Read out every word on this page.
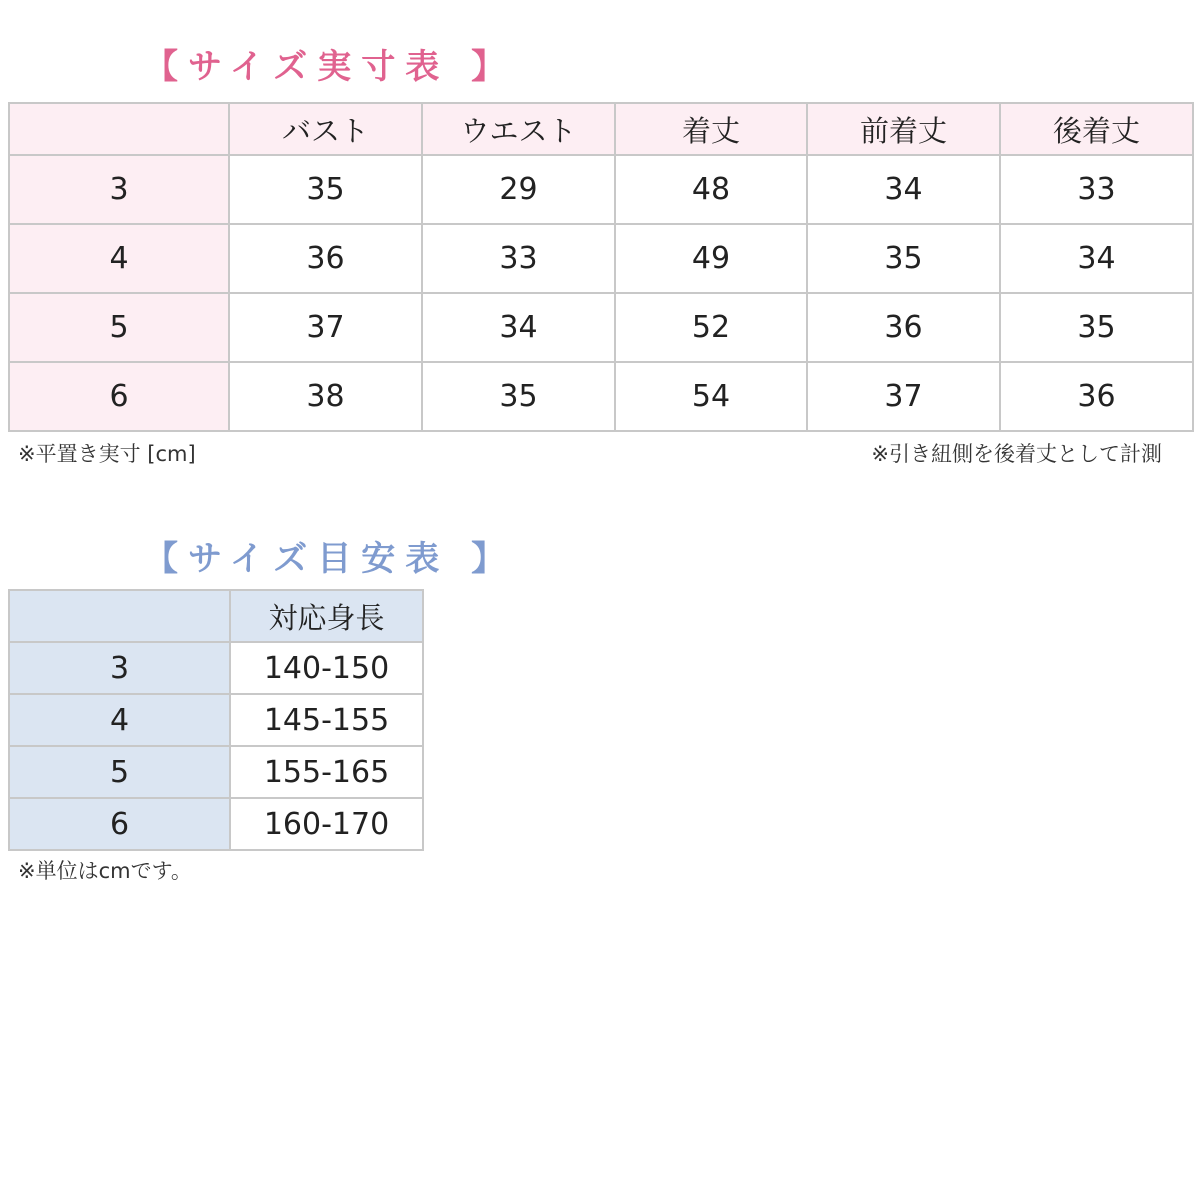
【サイズ実寸表 】
	バスト	ウエスト	着丈	前着丈	後着丈
3	35	29	48	34	33
4	36	33	49	35	34
5	37	34	52	36	35
6	38	35	54	37	36
※平置き実寸 [cm]	※引き紐側を後着丈として計測
【サイズ目安表 】
	対応身長
3	140-150
4	145-155
5	155-165
6	160-170
※単位はcmです。
